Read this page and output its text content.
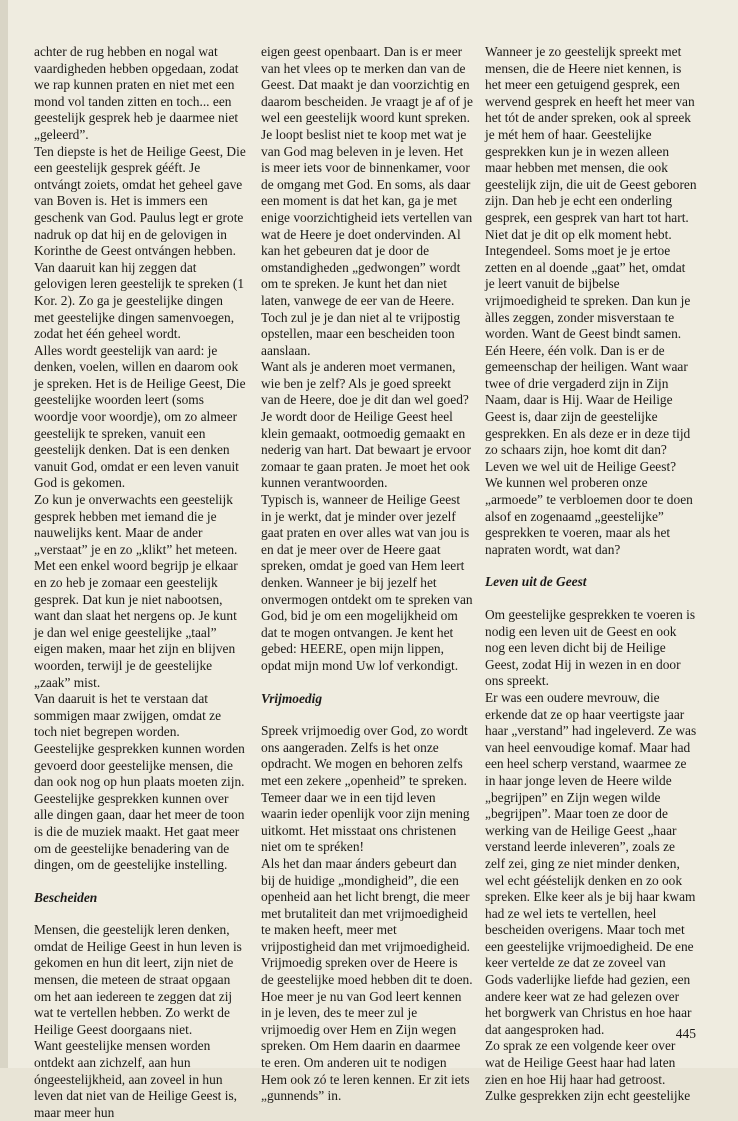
achter de rug hebben en nogal wat vaardigheden hebben opgedaan, zodat we rap kunnen praten en niet met een mond vol tanden zitten en toch... een geestelijk gesprek heb je daarmee niet „geleerd”.

Ten diepste is het de Heilige Geest, Die een geestelijk gesprek gééft. Je ontvángt zoiets, omdat het geheel gave van Boven is. Het is immers een geschenk van God. Paulus legt er grote nadruk op dat hij en de gelovigen in Korinthe de Geest ontvángen hebben. Van daaruit kan hij zeggen dat gelovigen leren geestelijk te spreken (1 Kor. 2). Zo ga je geestelijke dingen met geestelijke dingen samenvoegen, zodat het één geheel wordt.

Alles wordt geestelijk van aard: je denken, voelen, willen en daarom ook je spreken. Het is de Heilige Geest, Die geestelijke woorden leert (soms woordje voor woordje), om zo almeer geestelijk te spreken, vanuit een geestelijk denken. Dat is een denken vanuit God, omdat er een leven vanuit God is gekomen.

Zo kun je onverwachts een geestelijk gesprek hebben met iemand die je nauwelijks kent. Maar de ander „verstaat” je en zo „klikt” het meteen. Met een enkel woord begrijp je elkaar en zo heb je zomaar een geestelijk gesprek. Dat kun je niet nabootsen, want dan slaat het nergens op. Je kunt je dan wel enige geestelijke „taal” eigen maken, maar het zijn en blijven woorden, terwijl je de geestelijke „zaak” mist.

Van daaruit is het te verstaan dat sommigen maar zwijgen, omdat ze toch niet begrepen worden.

Geestelijke gesprekken kunnen worden gevoerd door geestelijke mensen, die dan ook nog op hun plaats moeten zijn. Geestelijke gesprekken kunnen over alle dingen gaan, daar het meer de toon is die de muziek maakt. Het gaat meer om de geestelijke benadering van de dingen, om de geestelijke instelling.

Bescheiden

Mensen, die geestelijk leren denken, omdat de Heilige Geest in hun leven is gekomen en hun dit leert, zijn niet de mensen, die meteen de straat opgaan om het aan iedereen te zeggen dat zij wat te vertellen hebben. Zo werkt de Heilige Geest doorgaans niet.

Want geestelijke mensen worden ontdekt aan zichzelf, aan hun óngeestelijkheid, aan zoveel in hun leven dat niet van de Heilige Geest is, maar meer hun

eigen geest openbaart. Dan is er meer van het vlees op te merken dan van de Geest. Dat maakt je dan voorzichtig en daarom bescheiden. Je vraagt je af of je wel een geestelijk woord kunt spreken. Je loopt beslist niet te koop met wat je van God mag beleven in je leven. Het is meer iets voor de binnenkamer, voor de omgang met God. En soms, als daar een moment is dat het kan, ga je met enige voorzichtigheid iets vertellen van wat de Heere je doet ondervinden. Al kan het gebeuren dat je door de omstandigheden „gedwongen” wordt om te spreken. Je kunt het dan niet laten, vanwege de eer van de Heere. Toch zul je je dan niet al te vrijpostig opstellen, maar een bescheiden toon aanslaan.

Want als je anderen moet vermanen, wie ben je zelf? Als je goed spreekt van de Heere, doe je dit dan wel goed? Je wordt door de Heilige Geest heel klein gemaakt, ootmoedig gemaakt en nederig van hart. Dat bewaart je ervoor zomaar te gaan praten. Je moet het ook kunnen verantwoorden.

Typisch is, wanneer de Heilige Geest in je werkt, dat je minder over jezelf gaat praten en over alles wat van jou is en dat je meer over de Heere gaat spreken, omdat je goed van Hem leert denken. Wanneer je bij jezelf het onvermogen ontdekt om te spreken van God, bid je om een mogelijkheid om dat te mogen ontvangen. Je kent het gebed: HEERE, open mijn lippen, opdat mijn mond Uw lof verkondigt.

Vrijmoedig

Spreek vrijmoedig over God, zo wordt ons aangeraden. Zelfs is het onze opdracht. We mogen en behoren zelfs met een zekere „openheid” te spreken. Temeer daar we in een tijd leven waarin ieder openlijk voor zijn mening uitkomt. Het misstaat ons christenen niet om te spréken!

Als het dan maar ánders gebeurt dan bij de huidige „mondigheid”, die een openheid aan het licht brengt, die meer met brutaliteit dan met vrijmoedigheid te maken heeft, meer met vrijpostigheid dan met vrijmoedigheid.

Vrijmoedig spreken over de Heere is de geestelijke moed hebben dit te doen. Hoe meer je nu van God leert kennen in je leven, des te meer zul je vrijmoedig over Hem en Zijn wegen spreken. Om Hem daarin en daarmee te eren. Om anderen uit te nodigen Hem ook zó te leren kennen. Er zit iets „gunnends” in.

Wanneer je zo geestelijk spreekt met mensen, die de Heere niet kennen, is het meer een getuigend gesprek, een wervend gesprek en heeft het meer van het tót de ander spreken, ook al spreek je mét hem of haar. Geestelijke gesprekken kun je in wezen alleen maar hebben met mensen, die ook geestelijk zijn, die uit de Geest geboren zijn. Dan heb je echt een onderling gesprek, een gesprek van hart tot hart. Niet dat je dit op elk moment hebt. Integendeel. Soms moet je je ertoe zetten en al doende „gaat” het, omdat je leert vanuit de bijbelse vrijmoedigheid te spreken. Dan kun je àlles zeggen, zonder misverstaan te worden. Want de Geest bindt samen. Eén Heere, één volk. Dan is er de gemeenschap der heiligen. Want waar twee of drie vergaderd zijn in Zijn Naam, daar is Hij. Waar de Heilige Geest is, daar zijn de geestelijke gesprekken. En als deze er in deze tijd zo schaars zijn, hoe komt dit dan? Leven we wel uit de Heilige Geest?

We kunnen wel proberen onze „armoede” te verbloemen door te doen alsof en zogenaamd „geestelijke” gesprekken te voeren, maar als het napraten wordt, wat dan?

Leven uit de Geest

Om geestelijke gesprekken te voeren is nodig een leven uit de Geest en ook nog een leven dicht bij de Heilige Geest, zodat Hij in wezen in en door ons spreekt.

Er was een oudere mevrouw, die erkende dat ze op haar veertigste jaar haar „verstand” had ingeleverd. Ze was van heel eenvoudige komaf. Maar had een heel scherp verstand, waarmee ze in haar jonge leven de Heere wilde „begrijpen” en Zijn wegen wilde „begrijpen”. Maar toen ze door de werking van de Heilige Geest „haar verstand leerde inleveren”, zoals ze zelf zei, ging ze niet minder denken, wel echt gééstelijk denken en zo ook spreken. Elke keer als je bij haar kwam had ze wel iets te vertellen, heel bescheiden overigens. Maar toch met een geestelijke vrijmoedigheid. De ene keer vertelde ze dat ze zoveel van Gods vaderlijke liefde had gezien, een andere keer wat ze had gelezen over het borgwerk van Christus en hoe haar dat aangesproken had.

Zo sprak ze een volgende keer over wat de Heilige Geest haar had laten zien en hoe Hij haar had getroost.

Zulke gesprekken zijn echt geestelijke

445
